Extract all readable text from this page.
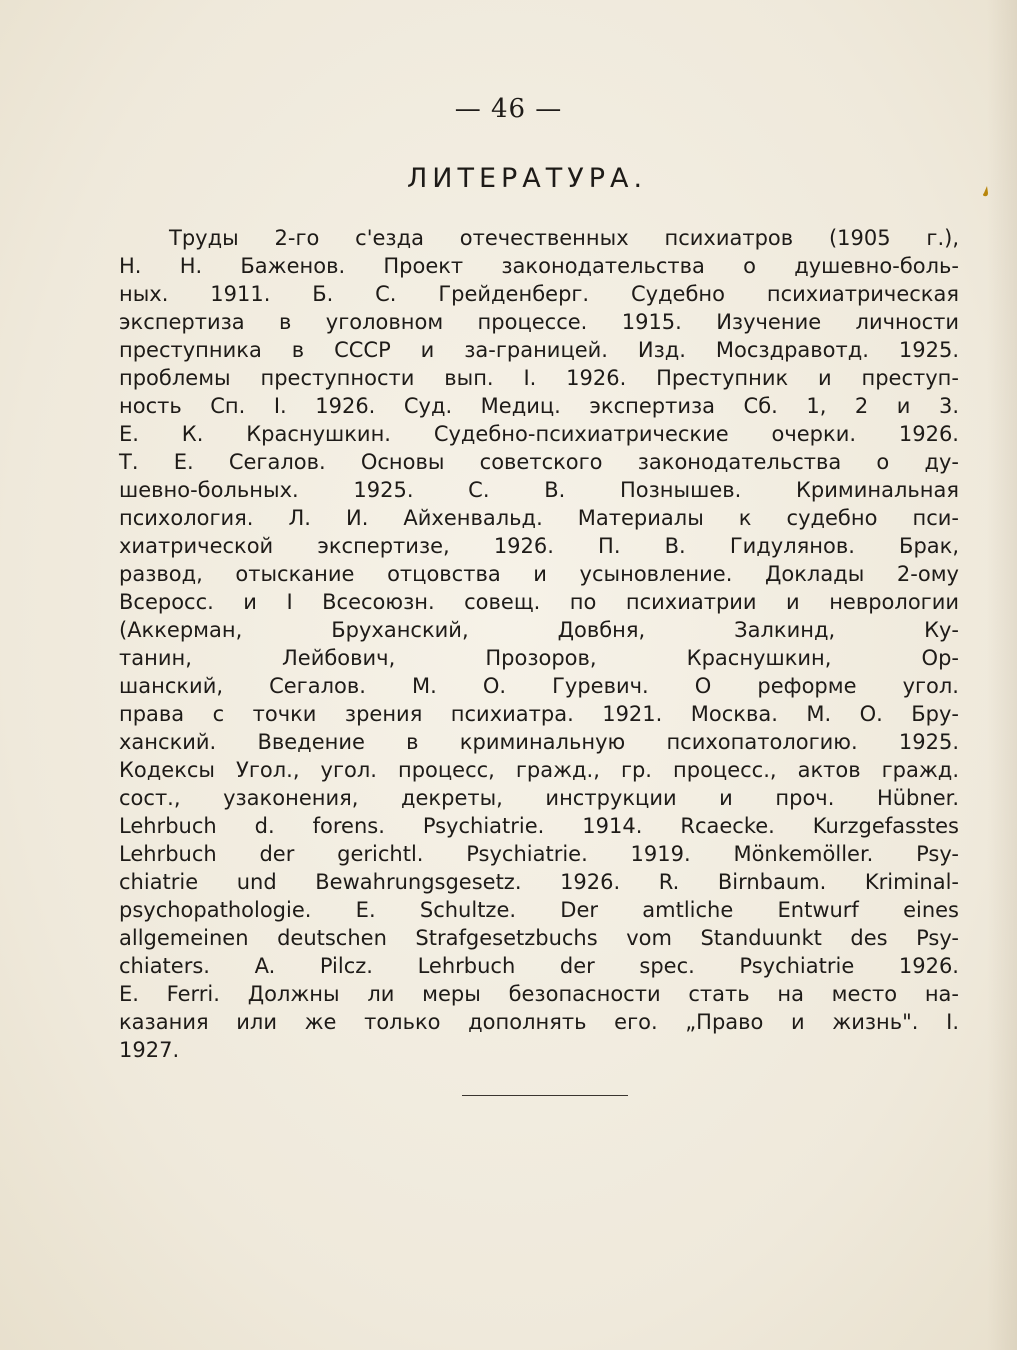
— 46 —
ЛИТЕРАТУРА.
Труды 2-го с'езда отечественных психиатров (1905 г.),
Н. Н. Баженов. Проект законодательства о душевно-боль-
ных. 1911. Б. С. Грейденберг. Судебно психиатрическая
экспертиза в уголовном процессе. 1915. Изучение личности
преступника в СССР и за-границей. Изд. Мосздравотд. 1925.
проблемы преступности вып. I. 1926. Преступник и преступ-
ность Сп. I. 1926. Суд. Медиц. экспертиза Сб. 1, 2 и 3.
Е. К. Краснушкин. Судебно-психиатрические очерки. 1926.
Т. Е. Сегалов. Основы советского законодательства о ду-
шевно-больных. 1925. С. В. Познышев. Криминальная
психология. Л. И. Айхенвальд. Материалы к судебно пси-
хиатрической экспертизе, 1926. П. В. Гидулянов. Брак,
развод, отыскание отцовства и усыновление. Доклады 2-ому
Всеросс. и I Всесоюзн. совещ. по психиатрии и неврологии
(Аккерман, Бруханский, Довбня, Залкинд, Ку-
танин, Лейбович, Прозоров, Краснушкин, Ор-
шанский, Сегалов. М. О. Гуревич. О реформе угол.
права с точки зрения психиатра. 1921. Москва. М. О. Бру-
ханский. Введение в криминальную психопатологию. 1925.
Кодексы Угол., угол. процесс, гражд., гр. процесс., актов гражд.
сост., узаконения, декреты, инструкции и проч. Hübner.
Lehrbuch d. forens. Psychiatrie. 1914. Rcaecke. Kurzgefasstes
Lehrbuch der gerichtl. Psychiatrie. 1919. Mönkemöller. Psy-
chiatrie und Bewahrungsgesetz. 1926. R. Birnbaum. Kriminal-
psychopathologie. E. Schultze. Der amtliche Entwurf eines
allgemeinen deutschen Strafgesetzbuchs vom Standuunkt des Psy-
chiaters. A. Pilcz. Lehrbuch der spec. Psychiatrie 1926.
E. Ferri. Должны ли меры безопасности стать на место на-
казания или же только дополнять его. „Право и жизнь". I.
1927.
